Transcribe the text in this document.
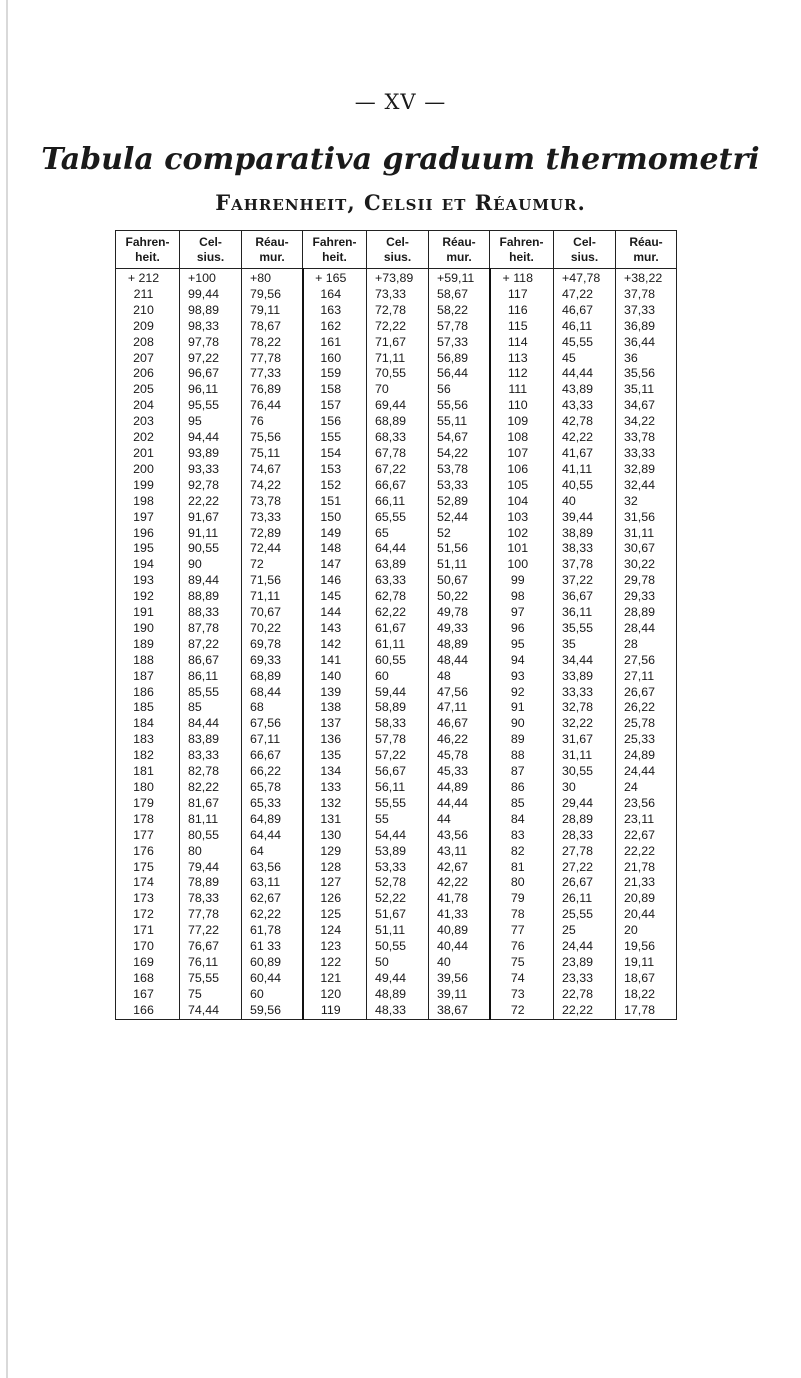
— XV —
Tabula comparativa graduum thermometri
Fahrenheit, Celsii et Réaumur.
Fahren-
heit.	Cel-
sius.	Réau-
mur.	Fahren-
heit.	Cel-
sius.	Réau-
mur.	Fahren-
heit.	Cel-
sius.	Réau-
mur.
+ 212	+100	+80	+ 165	+73,89	+59,11	+ 118	+47,78	+38,22
211	99,44	79,56	164	73,33	58,67	117	47,22	37,78
210	98,89	79,11	163	72,78	58,22	116	46,67	37,33
209	98,33	78,67	162	72,22	57,78	115	46,11	36,89
208	97,78	78,22	161	71,67	57,33	114	45,55	36,44
207	97,22	77,78	160	71,11	56,89	113	45	36
206	96,67	77,33	159	70,55	56,44	112	44,44	35,56
205	96,11	76,89	158	70	56	111	43,89	35,11
204	95,55	76,44	157	69,44	55,56	110	43,33	34,67
203	95	76	156	68,89	55,11	109	42,78	34,22
202	94,44	75,56	155	68,33	54,67	108	42,22	33,78
201	93,89	75,11	154	67,78	54,22	107	41,67	33,33
200	93,33	74,67	153	67,22	53,78	106	41,11	32,89
199	92,78	74,22	152	66,67	53,33	105	40,55	32,44
198	22,22	73,78	151	66,11	52,89	104	40	32
197	91,67	73,33	150	65,55	52,44	103	39,44	31,56
196	91,11	72,89	149	65	52	102	38,89	31,11
195	90,55	72,44	148	64,44	51,56	101	38,33	30,67
194	90	72	147	63,89	51,11	100	37,78	30,22
193	89,44	71,56	146	63,33	50,67	99	37,22	29,78
192	88,89	71,11	145	62,78	50,22	98	36,67	29,33
191	88,33	70,67	144	62,22	49,78	97	36,11	28,89
190	87,78	70,22	143	61,67	49,33	96	35,55	28,44
189	87,22	69,78	142	61,11	48,89	95	35	28
188	86,67	69,33	141	60,55	48,44	94	34,44	27,56
187	86,11	68,89	140	60	48	93	33,89	27,11
186	85,55	68,44	139	59,44	47,56	92	33,33	26,67
185	85	68	138	58,89	47,11	91	32,78	26,22
184	84,44	67,56	137	58,33	46,67	90	32,22	25,78
183	83,89	67,11	136	57,78	46,22	89	31,67	25,33
182	83,33	66,67	135	57,22	45,78	88	31,11	24,89
181	82,78	66,22	134	56,67	45,33	87	30,55	24,44
180	82,22	65,78	133	56,11	44,89	86	30	24
179	81,67	65,33	132	55,55	44,44	85	29,44	23,56
178	81,11	64,89	131	55	44	84	28,89	23,11
177	80,55	64,44	130	54,44	43,56	83	28,33	22,67
176	80	64	129	53,89	43,11	82	27,78	22,22
175	79,44	63,56	128	53,33	42,67	81	27,22	21,78
174	78,89	63,11	127	52,78	42,22	80	26,67	21,33
173	78,33	62,67	126	52,22	41,78	79	26,11	20,89
172	77,78	62,22	125	51,67	41,33	78	25,55	20,44
171	77,22	61,78	124	51,11	40,89	77	25	20
170	76,67	61 33	123	50,55	40,44	76	24,44	19,56
169	76,11	60,89	122	50	40	75	23,89	19,11
168	75,55	60,44	121	49,44	39,56	74	23,33	18,67
167	75	60	120	48,89	39,11	73	22,78	18,22
166	74,44	59,56	119	48,33	38,67	72	22,22	17,78
